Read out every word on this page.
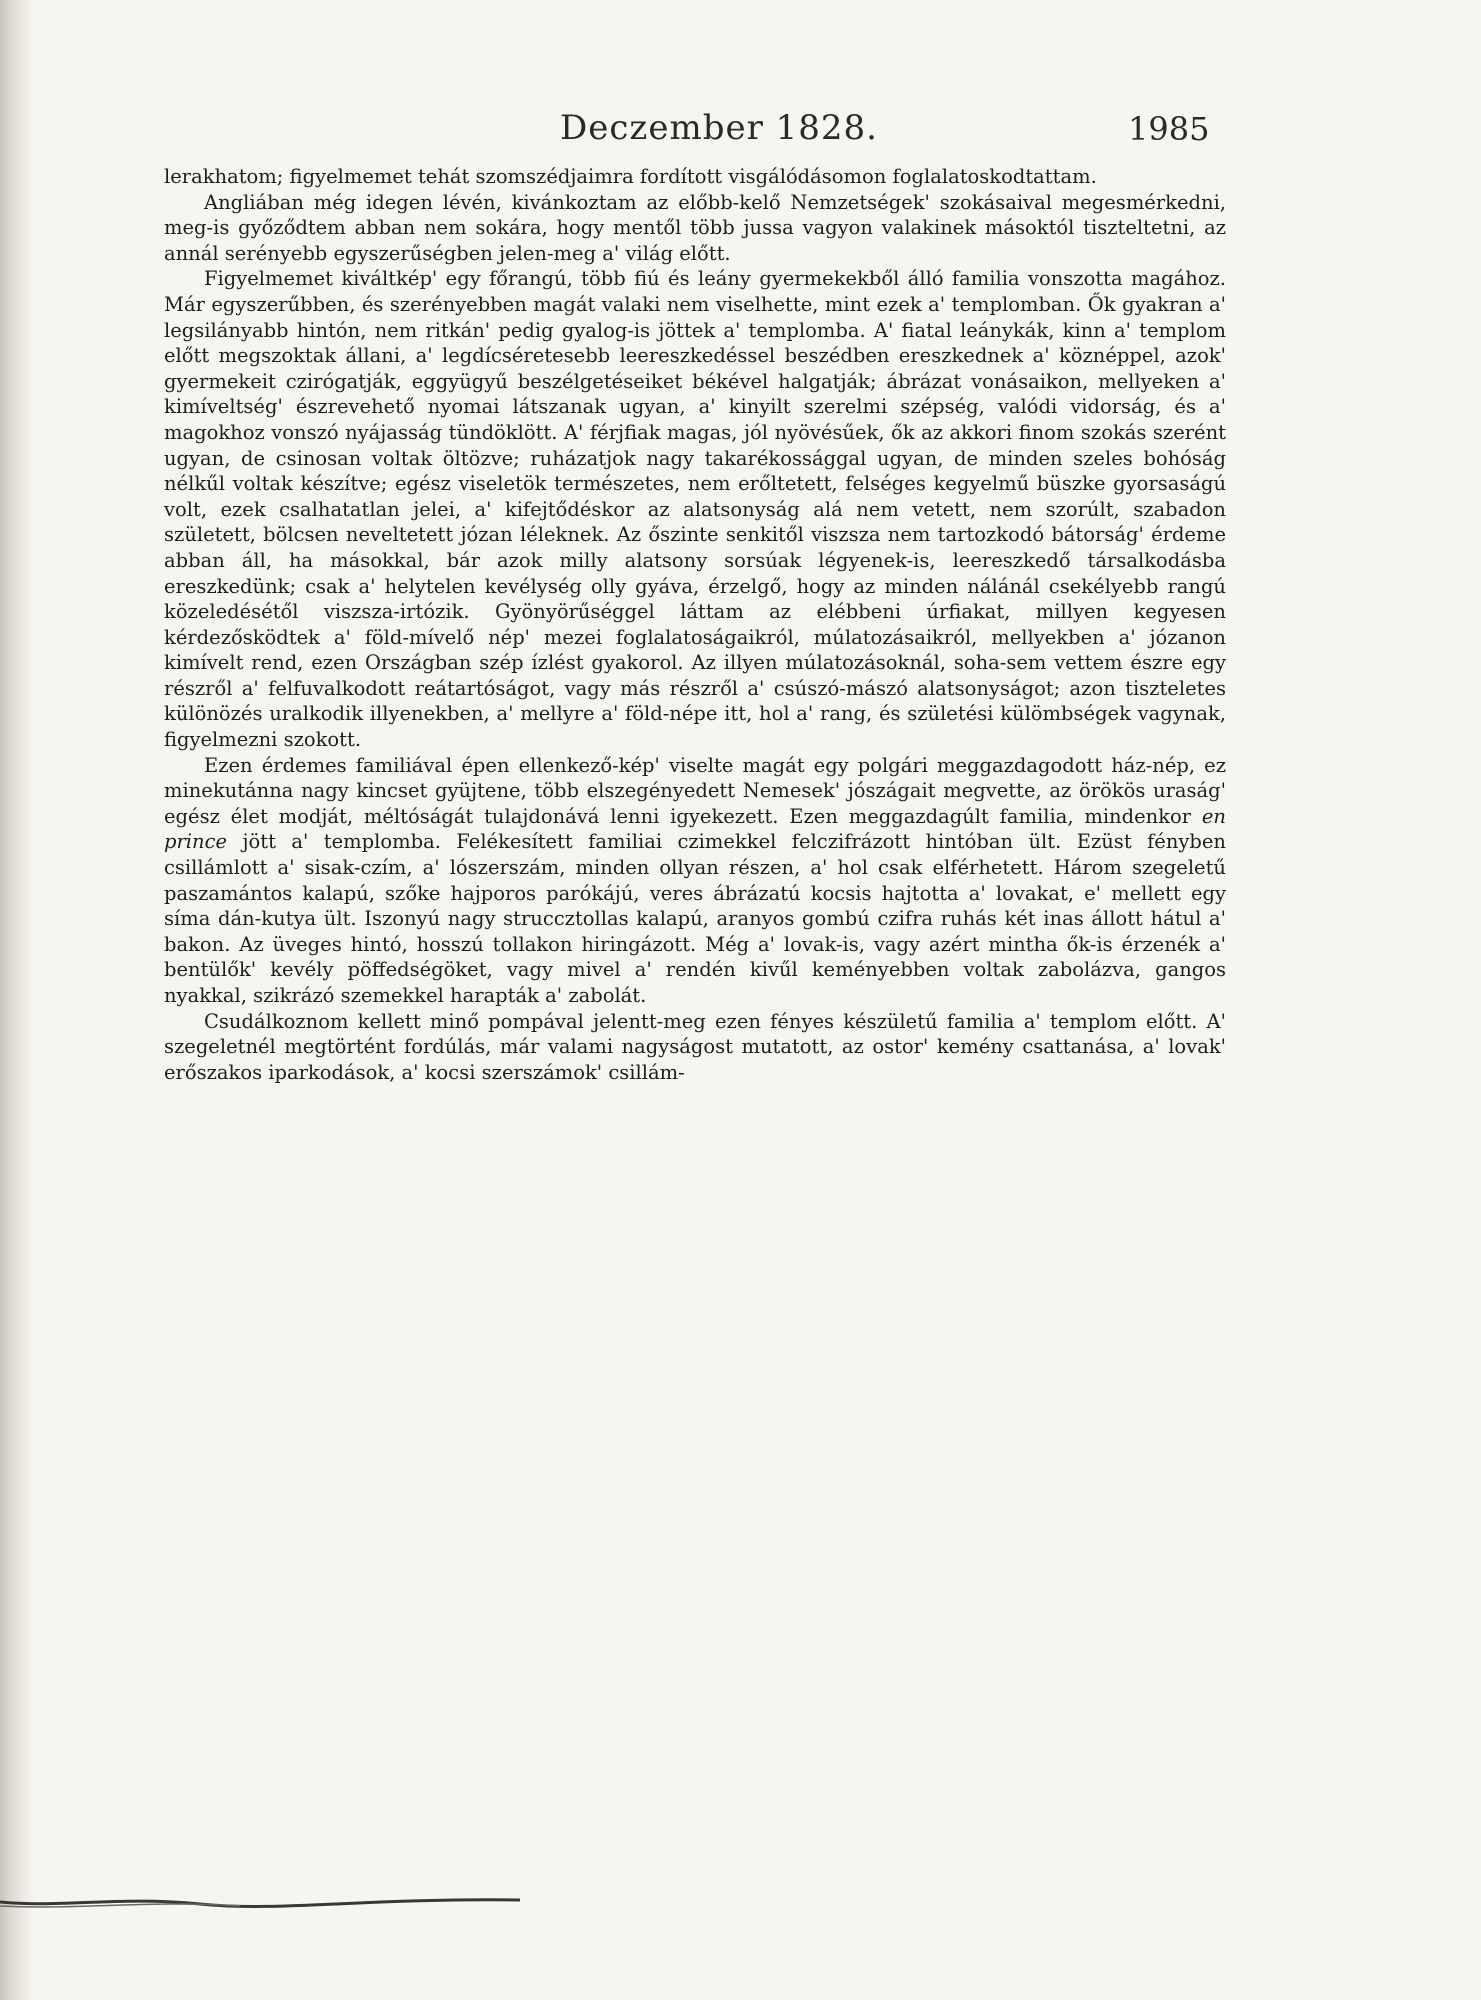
Deczember 1828.	1985

lerakhatom; figyelmemet tehát szomszédjaimra fordított visgálódásomon foglalatoskodtattam.

Angliában még idegen lévén, kivánkoztam az előbb-kelő Nemzetségek' szokásaival megesmérkedni, meg-is győződtem abban nem sokára, hogy mentől több jussa vagyon valakinek másoktól tiszteltetni, az annál serényebb egyszerűségben jelen-meg a' világ előtt.

Figyelmemet kiváltkép' egy főrangú, több fiú és leány gyermekekből álló familia vonszotta magához. Már egyszerűbben, és szerényebben magát valaki nem viselhette, mint ezek a' templomban. Ők gyakran a' legsilányabb hintón, nem ritkán' pedig gyalog-is jöttek a' templomba. A' fiatal leánykák, kinn a' templom előtt megszoktak állani, a' legdícséretesebb leereszkedéssel beszédben ereszkednek a' köznéppel, azok' gyermekeit czirógatják, eggyügyű beszélgetéseiket békével halgatják; ábrázat vonásaikon, mellyeken a' kimíveltség' észrevehető nyomai látszanak ugyan, a' kinyilt szerelmi szépség, valódi vidorság, és a' magokhoz vonszó nyájasság tündöklött. A' férjfiak magas, jól nyövésűek, ők az akkori finom szokás szerént ugyan, de csinosan voltak öltözve; ruházatjok nagy takarékossággal ugyan, de minden szeles bohóság nélkűl voltak készítve; egész viseletök természetes, nem erőltetett, felséges kegyelmű büszke gyorsaságú volt, ezek csalhatatlan jelei, a' kifejtődéskor az alatsonyság alá nem vetett, nem szorúlt, szabadon született, bölcsen neveltetett józan léleknek. Az őszinte senkitől viszsza nem tartozkodó bátorság' érdeme abban áll, ha másokkal, bár azok milly alatsony sorsúak légyenek-is, leereszkedő társalkodásba ereszkedünk; csak a' helytelen kevélység olly gyáva, érzelgő, hogy az minden nálánál csekélyebb rangú közeledésétől viszsza-irtózik. Gyönyörűséggel láttam az elébbeni úrfiakat, millyen kegyesen kérdezősködtek a' föld-mívelő nép' mezei foglalatoságaikról, múlatozásaikról, mellyekben a' józanon kimívelt rend, ezen Országban szép ízlést gyakorol. Az illyen múlatozásoknál, soha-sem vettem észre egy részről a' felfuvalkodott reátartóságot, vagy más részről a' csúszó-mászó alatsonyságot; azon tiszteletes különözés uralkodik illyenekben, a' mellyre a' föld-népe itt, hol a' rang, és születési külömbségek vagynak, figyelmezni szokott.

Ezen érdemes familiával épen ellenkező-kép' viselte magát egy polgári meggazdagodott ház-nép, ez minekutánna nagy kincset gyüjtene, több elszegényedett Nemesek' jószágait megvette, az örökös uraság' egész élet modját, méltóságát tulajdonává lenni igyekezett. Ezen meggazdagúlt familia, mindenkor en prince jött a' templomba. Felékesített familiai czimekkel felczifrázott hintóban ült. Ezüst fényben csillámlott a' sisak-czím, a' lószerszám, minden ollyan részen, a' hol csak elférhetett. Három szegeletű paszamántos kalapú, szőke hajporos parókájú, veres ábrázatú kocsis hajtotta a' lovakat, e' mellett egy síma dán-kutya ült. Iszonyú nagy struccztollas kalapú, aranyos gombú czifra ruhás két inas állott hátul a' bakon. Az üveges hintó, hosszú tollakon hiringázott. Még a' lovak-is, vagy azért mintha ők-is érzenék a' bentülők' kevély pöffedségöket, vagy mivel a' rendén kivűl keményebben voltak zabolázva, gangos nyakkal, szikrázó szemekkel harapták a' zabolát.

Csudálkoznom kellett minő pompával jelentt-meg ezen fényes készületű familia a' templom előtt. A' szegeletnél megtörtént fordúlás, már valami nagyságost mutatott, az ostor' kemény csattanása, a' lovak' erőszakos iparkodások, a' kocsi szerszámok' csillám-
